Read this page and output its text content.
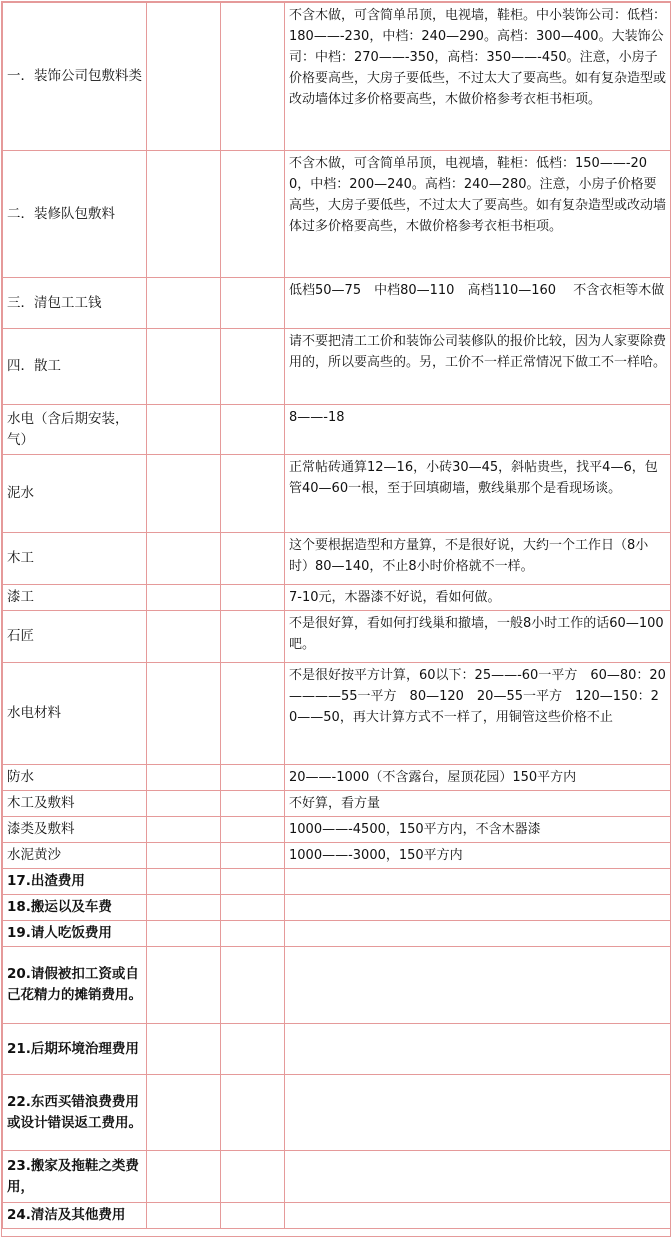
一．装饰公司包敷料类			不含木做，可含简单吊顶，电视墙，鞋柜。中小装饰公司：低档：180——-230，中档：240—290。高档：300—400。大装饰公司：中档：270——-350，高档：350——-450。注意，小房子价格要高些，大房子要低些，不过太大了要高些。如有复杂造型或改动墙体过多价格要高些，木做价格参考衣柜书柜项。
二．装修队包敷料			不含木做，可含简单吊顶，电视墙，鞋柜：低档：150——-200，中档：200—240。高档：240—280。注意，小房子价格要高些，大房子要低些，不过太大了要高些。如有复杂造型或改动墙体过多价格要高些，木做价格参考衣柜书柜项。
三．清包工工钱			低档50—75　中档80—110　高档110—160　 不含衣柜等木做
四．散工			请不要把清工工价和装饰公司装修队的报价比较，因为人家要除费用的，所以要高些的。另，工价不一样正常情况下做工不一样哈。
水电（含后期安装，气）			8——-18
泥水			正常帖砖通算12—16，小砖30—45，斜帖贵些，找平4—6，包管40—60一根，至于回填砌墙，敷线巢那个是看现场谈。
木工			这个要根据造型和方量算，不是很好说，大约一个工作日（8小时）80—140，不止8小时价格就不一样。
漆工			7-10元，木器漆不好说，看如何做。
石匠			不是很好算，看如何打线巢和撤墙，一般8小时工作的话60—100吧。
水电材料			不是很好按平方计算，60以下：25——-60一平方　60—80：20————55一平方　80—120　20—55一平方　120—150：20——50，再大计算方式不一样了，用铜管这些价格不止
防水			20——-1000（不含露台，屋顶花园）150平方内
木工及敷料			不好算，看方量
漆类及敷料			1000——-4500，150平方内，不含木器漆
水泥黄沙			1000——-3000，150平方内
17.出渣费用			
18.搬运以及车费			
19.请人吃饭费用			
20.请假被扣工资或自己花精力的摊销费用。			
21.后期环境治理费用			
22.东西买错浪费费用或设计错误返工费用。			
23.搬家及拖鞋之类费用，			
24.清洁及其他费用			
